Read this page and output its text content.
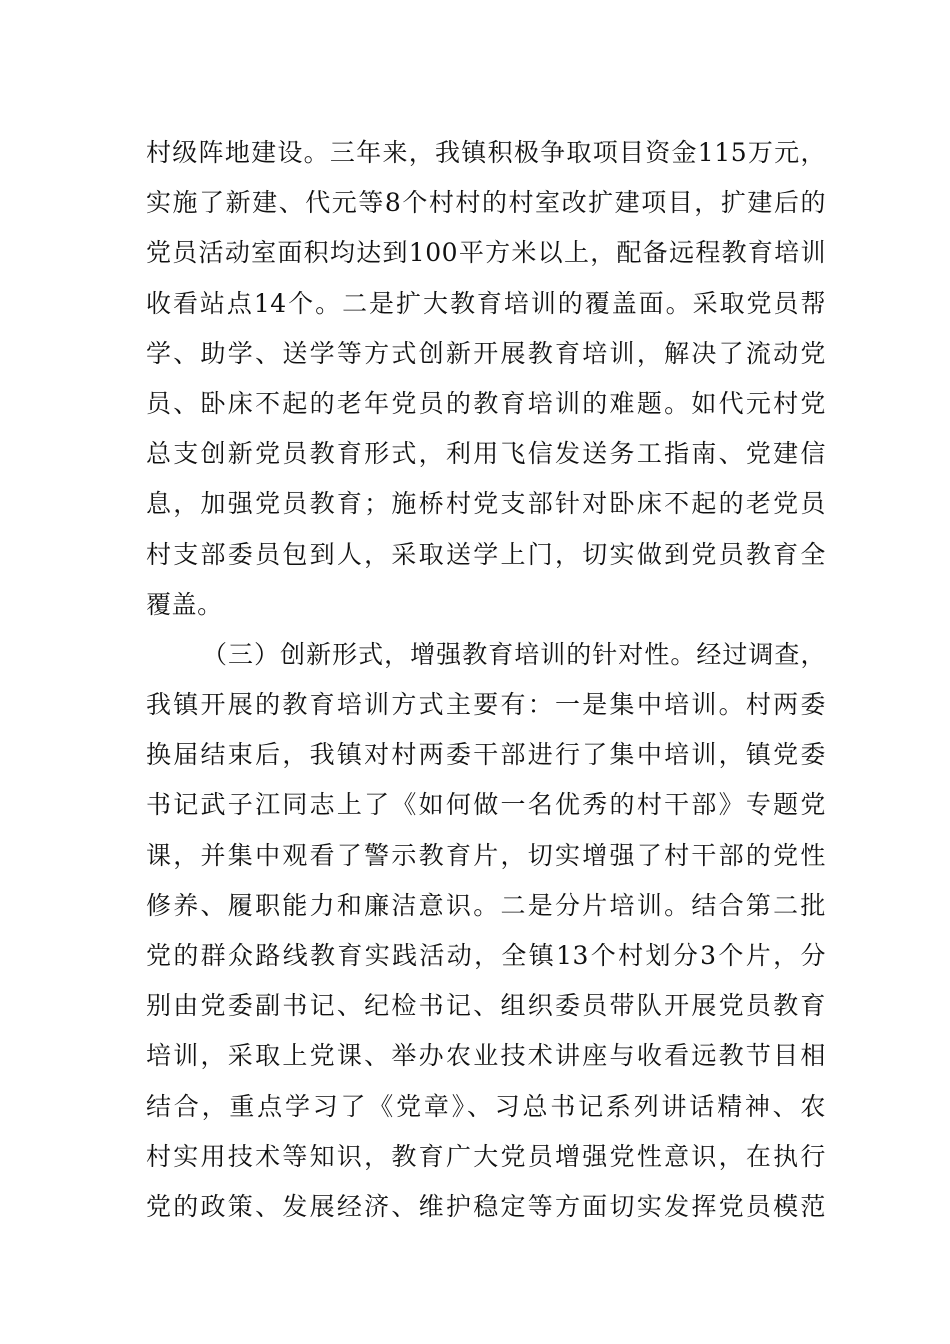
村级阵地建设。三年来，我镇积极争取项目资金115万元，
实施了新建、代元等8个村村的村室改扩建项目，扩建后的
党员活动室面积均达到100平方米以上，配备远程教育培训
收看站点14个。二是扩大教育培训的覆盖面。采取党员帮
学、助学、送学等方式创新开展教育培训，解决了流动党
员、卧床不起的老年党员的教育培训的难题。如代元村党
总支创新党员教育形式，利用飞信发送务工指南、党建信
息，加强党员教育；施桥村党支部针对卧床不起的老党员
村支部委员包到人，采取送学上门，切实做到党员教育全
覆盖。
（三）创新形式，增强教育培训的针对性。经过调查，
我镇开展的教育培训方式主要有：一是集中培训。村两委
换届结束后，我镇对村两委干部进行了集中培训，镇党委
书记武子江同志上了《如何做一名优秀的村干部》专题党
课，并集中观看了警示教育片，切实增强了村干部的党性
修养、履职能力和廉洁意识。二是分片培训。结合第二批
党的群众路线教育实践活动，全镇13个村划分3个片，分
别由党委副书记、纪检书记、组织委员带队开展党员教育
培训，采取上党课、举办农业技术讲座与收看远教节目相
结合，重点学习了《党章》、习总书记系列讲话精神、农
村实用技术等知识，教育广大党员增强党性意识，在执行
党的政策、发展经济、维护稳定等方面切实发挥党员模范
